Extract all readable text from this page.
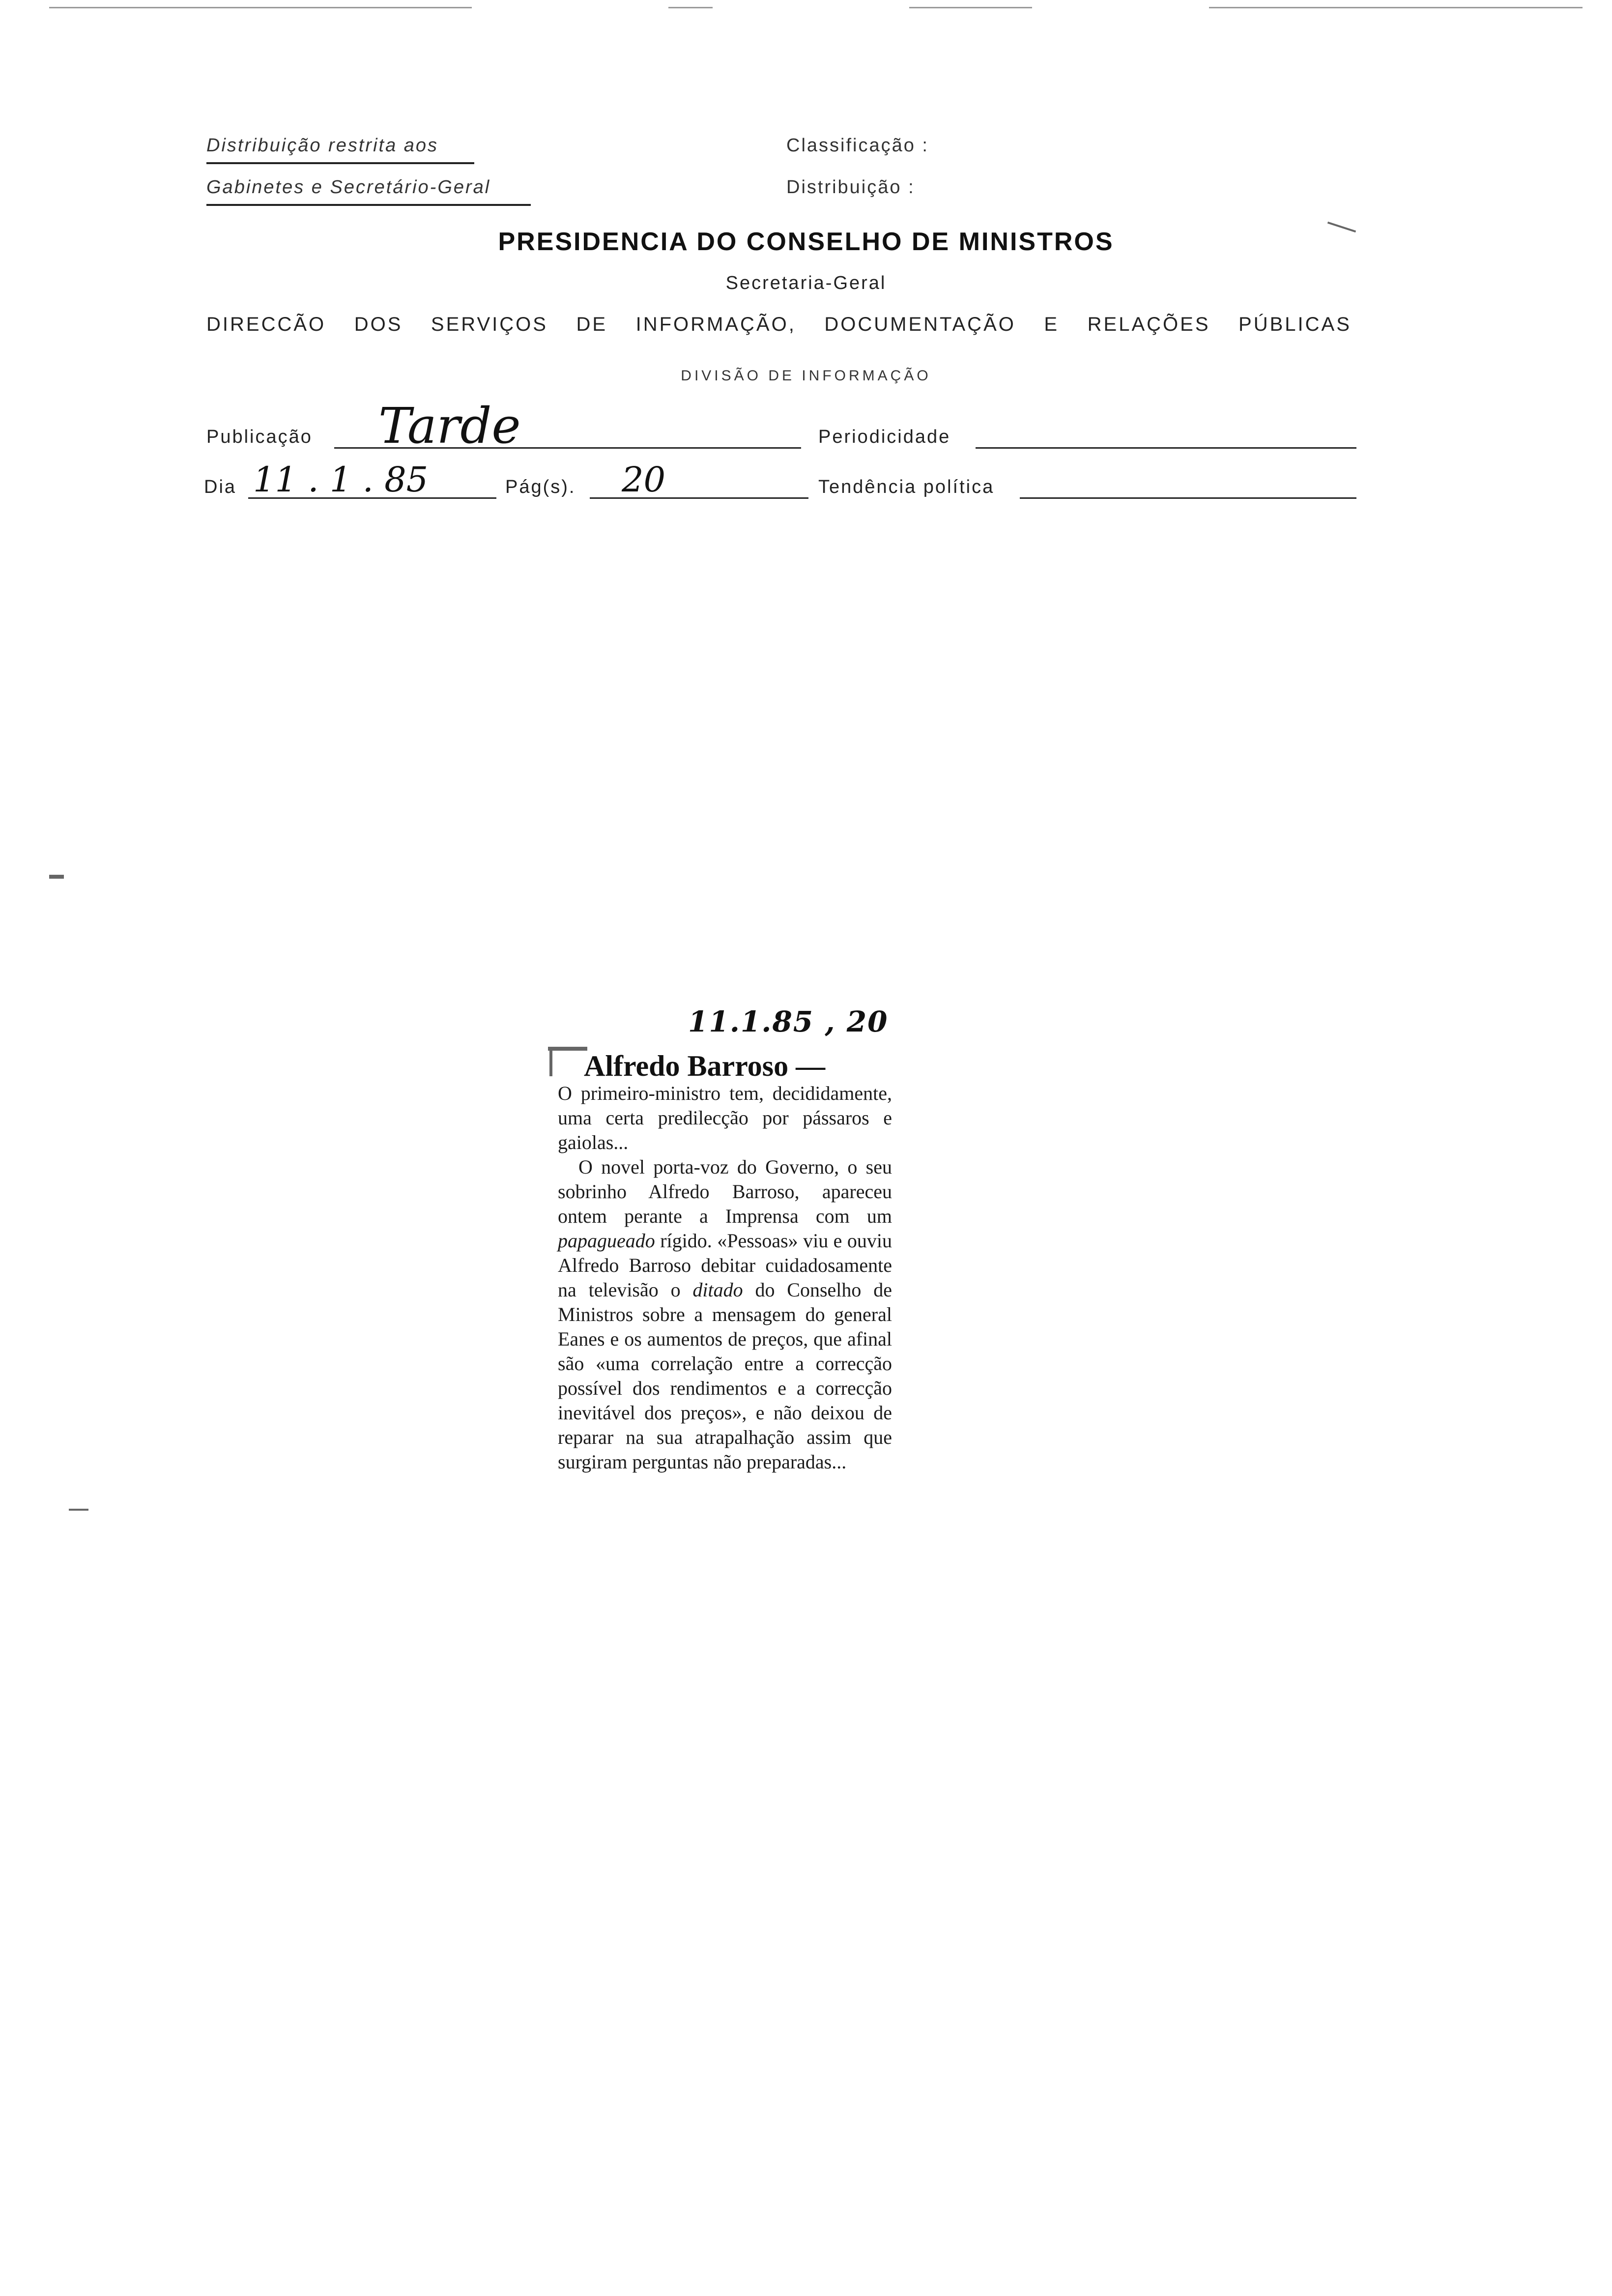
Distribuição restrita aos
Gabinetes e Secretário-Geral
Classificação :
Distribuição :
PRESIDENCIA DO CONSELHO DE MINISTROS
Secretaria-Geral
DIRECCÃO DOS SERVIÇOS DE INFORMAÇÃO, DOCUMENTAÇÃO E RELAÇÕES PÚBLICAS
DIVISÃO DE INFORMAÇÃO
Publicação Tarde	Periodicidade
Dia 11 . 1 . 85	Pág(s). 20	Tendência política
11.1.85 , 20
Alfredo Barroso —

O primeiro-ministro tem, decididamente, uma certa predilecção por pássaros e gaiolas...

O novel porta-voz do Governo, o seu sobrinho Alfredo Barroso, apareceu ontem perante a Imprensa com um papagueado rígido. «Pessoas» viu e ouviu Alfredo Barroso debitar cuidadosamente na televisão o ditado do Conselho de Ministros sobre a mensagem do general Eanes e os aumentos de preços, que afinal são «uma correlação entre a correcção possível dos rendimentos e a correcção inevitável dos preços», e não deixou de reparar na sua atrapalhação assim que surgiram perguntas não preparadas...
